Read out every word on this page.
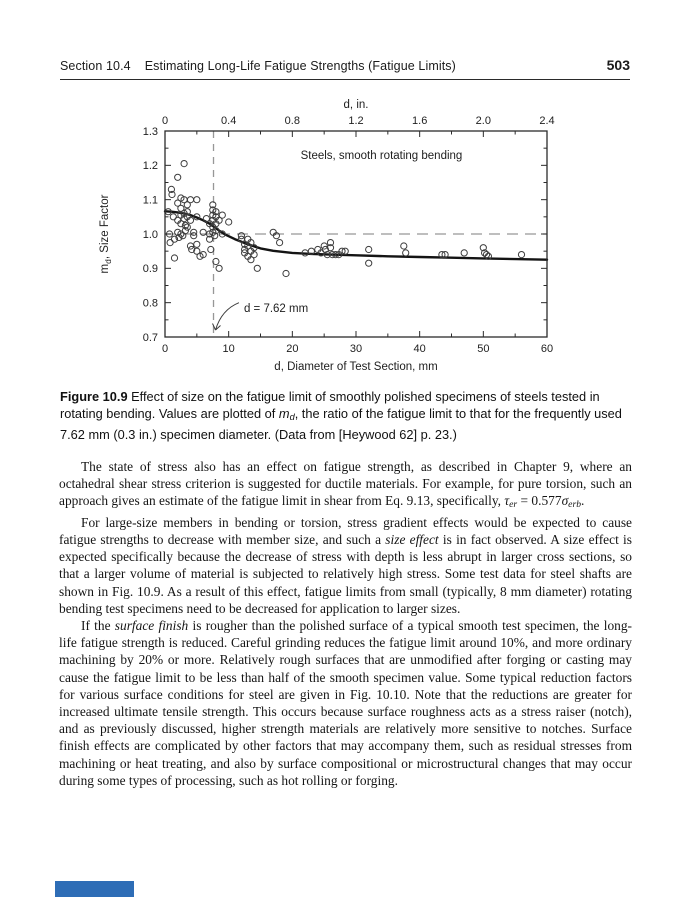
Section 10.4 Estimating Long-Life Fatigue Strengths (Fatigue Limits)	503
0	10	20	30	40	50	60
0	0.4	0.8	1.2	1.6	2.0	2.4
0.7
0.8
0.9
1.0
1.1
1.2
1.3
d, in.
d, Diameter of Test Section, mm
$m_d$, Size Factor
Steels, smooth rotating bending
d = 7.62 mm
Figure 10.9 Effect of size on the fatigue limit of smoothly polished specimens of steels tested in rotating bending. Values are plotted of md, the ratio of the fatigue limit to that for the frequently used 7.62 mm (0.3 in.) specimen diameter. (Data from [Heywood 62] p. 23.)

The state of stress also has an effect on fatigue strength, as described in Chapter 9, where an octahedral shear stress criterion is suggested for ductile materials. For example, for pure torsion, such an approach gives an estimate of the fatigue limit in shear from Eq. 9.13, specifically, τer = 0.577σerb.

For large-size members in bending or torsion, stress gradient effects would be expected to cause fatigue strengths to decrease with member size, and such a size effect is in fact observed. A size effect is expected specifically because the decrease of stress with depth is less abrupt in larger cross sections, so that a larger volume of material is subjected to relatively high stress. Some test data for steel shafts are shown in Fig. 10.9. As a result of this effect, fatigue limits from small (typically, 8 mm diameter) rotating bending test specimens need to be decreased for application to larger sizes.

If the surface finish is rougher than the polished surface of a typical smooth test specimen, the long-life fatigue strength is reduced. Careful grinding reduces the fatigue limit around 10%, and more ordinary machining by 20% or more. Relatively rough surfaces that are unmodified after forging or casting may cause the fatigue limit to be less than half of the smooth specimen value. Some typical reduction factors for various surface conditions for steel are given in Fig. 10.10. Note that the reductions are greater for increased ultimate tensile strength. This occurs because surface roughness acts as a stress raiser (notch), and as previously discussed, higher strength materials are relatively more sensitive to notches. Surface finish effects are complicated by other factors that may accompany them, such as residual stresses from machining or heat treating, and also by surface compositional or microstructural changes that may occur during some types of processing, such as hot rolling or forging.
